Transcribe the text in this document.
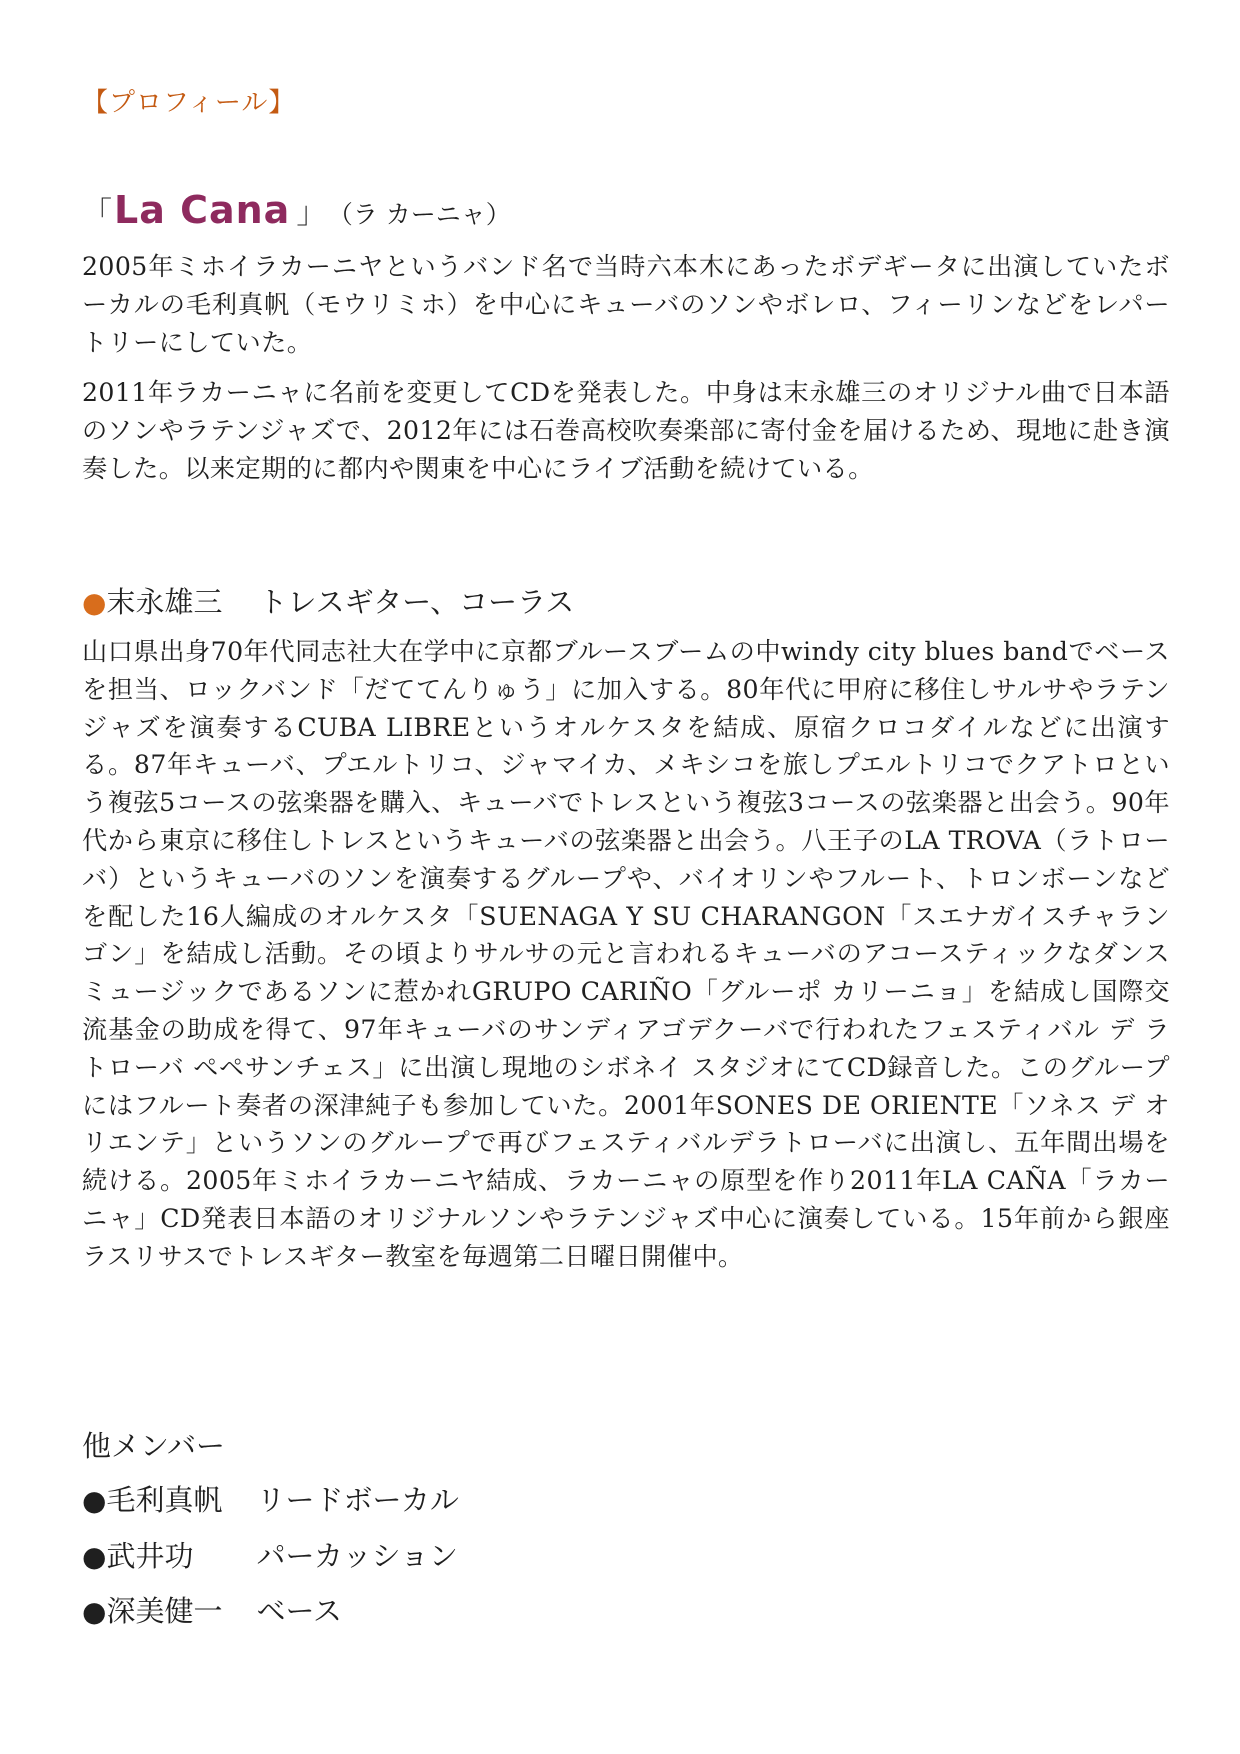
【プロフィール】
「La Cana 」 （ラ カーニャ）

2005年ミホイラカーニヤというバンド名で当時六本木にあったボデギータに出演していたボーカルの毛利真帆（モウリミホ）を中心にキューバのソンやボレロ、フィーリンなどをレパートリーにしていた。

2011年ラカーニャに名前を変更してCDを発表した。中身は末永雄三のオリジナル曲で日本語のソンやラテンジャズで、2012年には石巻高校吹奏楽部に寄付金を届けるため、現地に赴き演奏した。以来定期的に都内や関東を中心にライブ活動を続けている。

●末永雄三 トレスギター、コーラス

山口県出身70年代同志社大在学中に京都ブルースブームの中windy city blues bandでベースを担当、ロックバンド「だててんりゅう」に加入する。80年代に甲府に移住しサルサやラテンジャズを演奏するCUBA LIBREというオルケスタを結成、原宿クロコダイルなどに出演する。87年キューバ、プエルトリコ、ジャマイカ、メキシコを旅しプエルトリコでクアトロという複弦5コースの弦楽器を購入、キューバでトレスという複弦3コースの弦楽器と出会う。90年代から東京に移住しトレスというキューバの弦楽器と出会う。八王子のLA TROVA（ラトローバ）というキューバのソンを演奏するグループや、バイオリンやフルート、トロンボーンなどを配した16人編成のオルケスタ「SUENAGA Y SU CHARANGON「スエナガイスチャランゴン」を結成し活動。その頃よりサルサの元と言われるキューバのアコースティックなダンスミュージックであるソンに惹かれGRUPO CARIÑO「グルーポ カリーニョ」を結成し国際交流基金の助成を得て、97年キューバのサンディアゴデクーバで行われたフェスティバル デ ラ トローバ ペペサンチェス」に出演し現地のシボネイ スタジオにてCD録音した。このグループにはフルート奏者の深津純子も参加していた。2001年SONES DE ORIENTE「ソネス デ オリエンテ」というソンのグループで再びフェスティバルデラトローバに出演し、五年間出場を続ける。2005年ミホイラカーニヤ結成、ラカーニャの原型を作り2011年LA CAÑA「ラカーニャ」CD発表日本語のオリジナルソンやラテンジャズ中心に演奏している。15年前から銀座ラスリサスでトレスギター教室を毎週第二日曜日開催中。

他メンバー
●毛利真帆 リードボーカル
●武井功 パーカッション
●深美健一 ベース
